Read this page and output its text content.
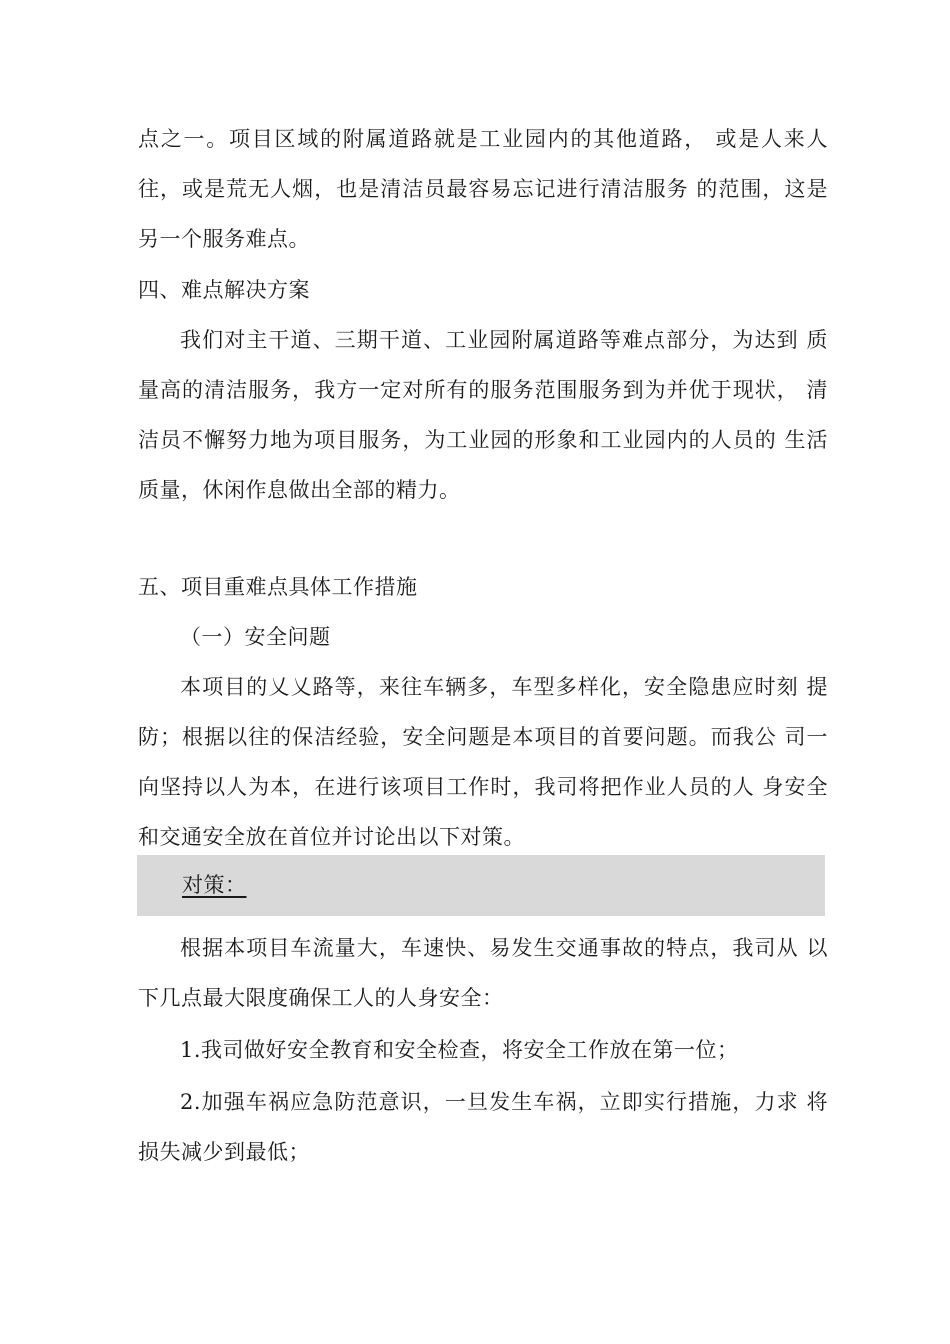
点之一。项目区域的附属道路就是工业园内的其他道路， 或是人来人
往，或是荒无人烟，也是清洁员最容易忘记进行清洁服务 的范围，这是
另一个服务难点。
四、难点解决方案
我们对主干道、三期干道、工业园附属道路等难点部分，为达到 质
量高的清洁服务，我方一定对所有的服务范围服务到为并优于现状， 清
洁员不懈努力地为项目服务，为工业园的形象和工业园内的人员的 生活
质量，休闲作息做出全部的精力。
五、项目重难点具体工作措施
（一）安全问题
本项目的乂乂路等，来往车辆多，车型多样化，安全隐患应时刻 提
防；根据以往的保洁经验，安全问题是本项目的首要问题。而我公 司一
向坚持以人为本，在进行该项目工作时，我司将把作业人员的人 身安全
和交通安全放在首位并讨论出以下对策。
对策：
根据本项目车流量大，车速快、易发生交通事故的特点，我司从 以
下几点最大限度确保工人的人身安全：
1.我司做好安全教育和安全检查，将安全工作放在第一位；
2.加强车祸应急防范意识，一旦发生车祸，立即实行措施，力求 将
损失减少到最低；
